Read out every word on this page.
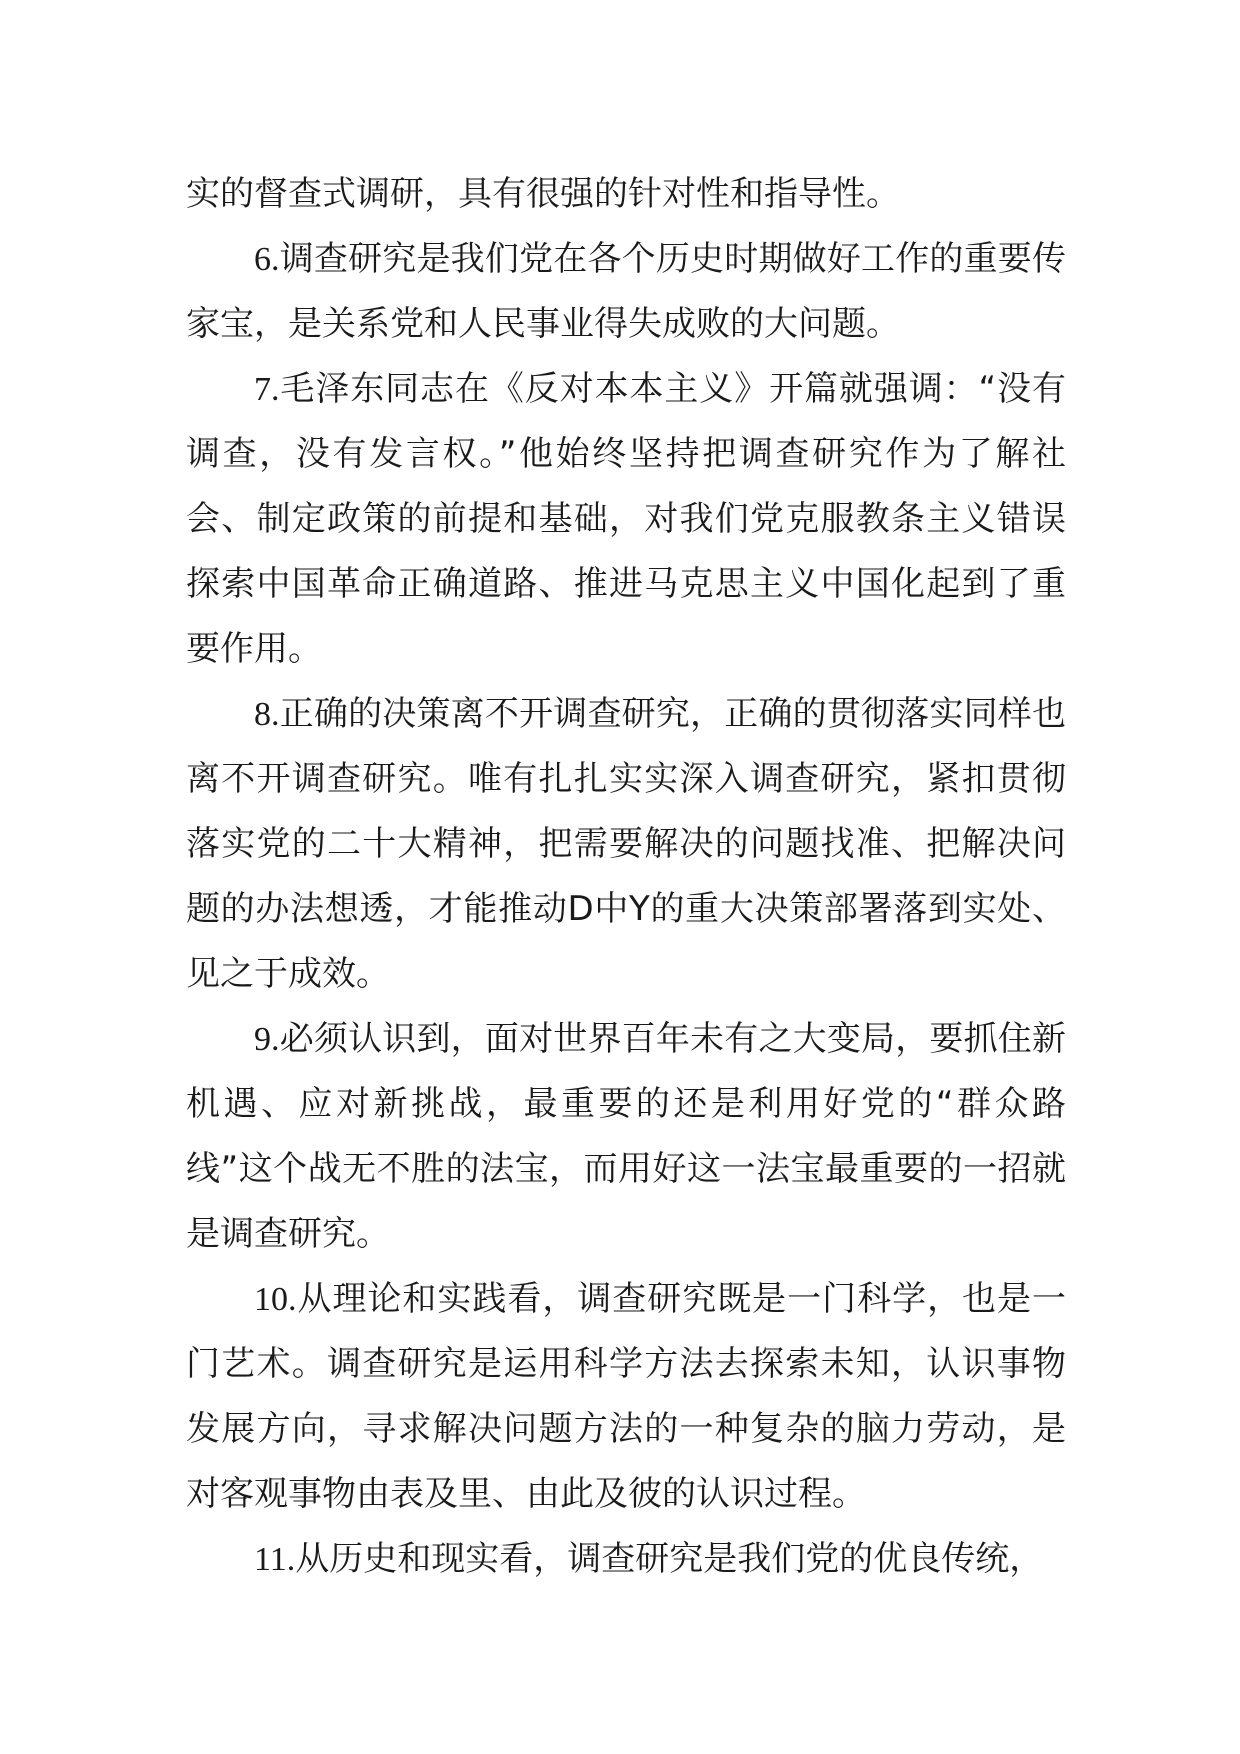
实的督查式调研，具有很强的针对性和指导性。

6.调查研究是我们党在各个历史时期做好工作的重要传家宝，是关系党和人民事业得失成败的大问题。

7.毛泽东同志在《反对本本主义》开篇就强调：“没有调查，没有发言权。”他始终坚持把调查研究作为了解社会、制定政策的前提和基础，对我们党克服教条主义错误探索中国革命正确道路、推进马克思主义中国化起到了重要作用。

8.正确的决策离不开调查研究，正确的贯彻落实同样也离不开调查研究。唯有扎扎实实深入调查研究，紧扣贯彻落实党的二十大精神，把需要解决的问题找准、把解决问题的办法想透，才能推动D中Y的重大决策部署落到实处、见之于成效。

9.必须认识到，面对世界百年未有之大变局，要抓住新机遇、应对新挑战，最重要的还是利用好党的“群众路线”这个战无不胜的法宝，而用好这一法宝最重要的一招就是调查研究。

10.从理论和实践看，调查研究既是一门科学，也是一门艺术。调查研究是运用科学方法去探索未知，认识事物发展方向，寻求解决问题方法的一种复杂的脑力劳动，是对客观事物由表及里、由此及彼的认识过程。

11.从历史和现实看，调查研究是我们党的优良传统，
